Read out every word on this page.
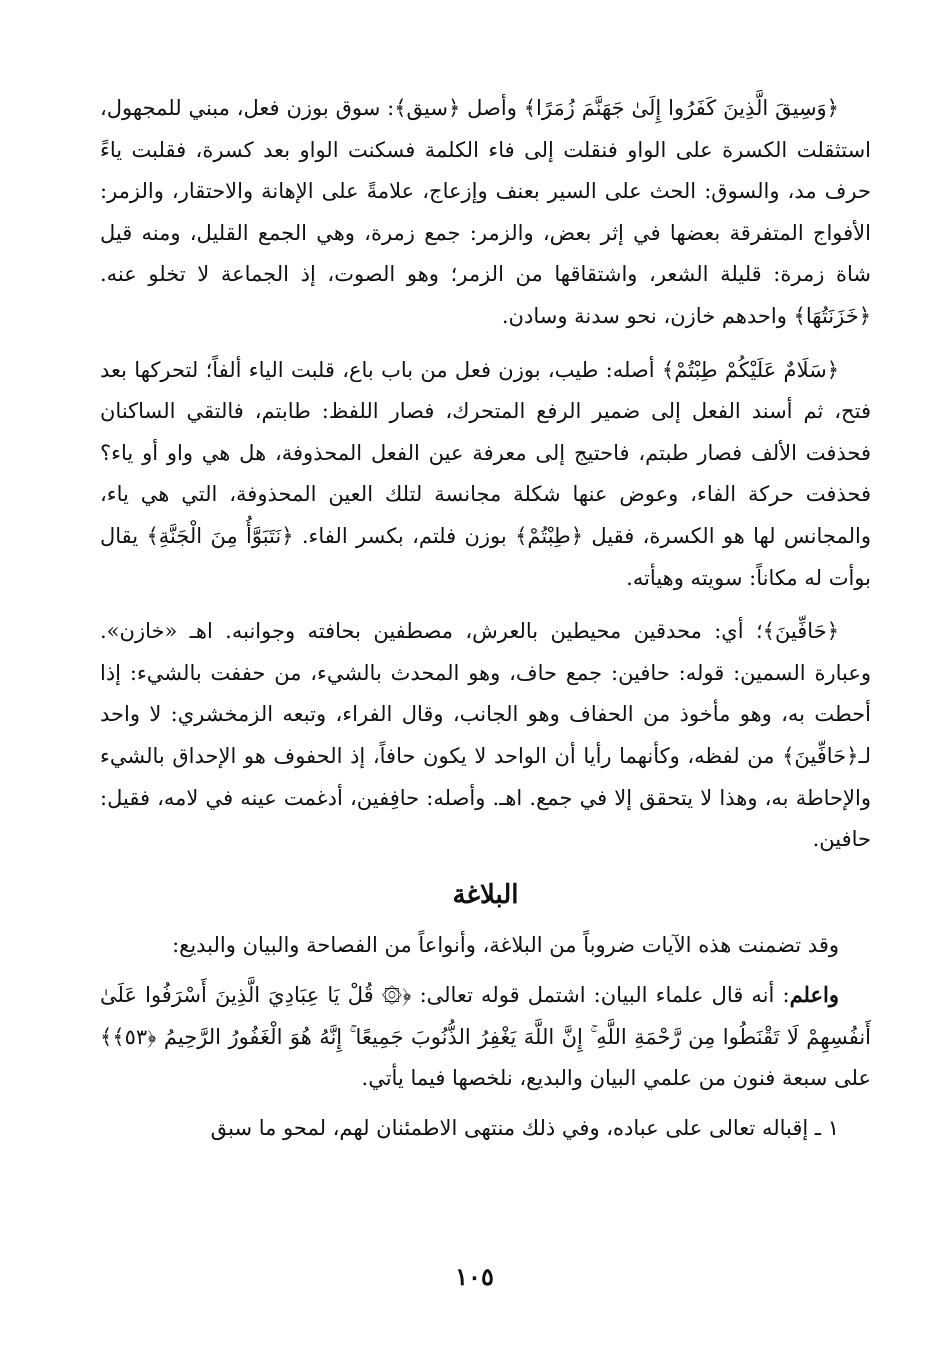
﴿وَسِيقَ الَّذِينَ كَفَرُوا إِلَىٰ جَهَنَّمَ زُمَرًا﴾ وأصل ﴿سيق﴾: سوق بوزن فعل، مبني للمجهول، استثقلت الكسرة على الواو فنقلت إلى فاء الكلمة فسكنت الواو بعد كسرة، فقلبت ياءً حرف مد، والسوق: الحث على السير بعنف وإزعاج، علامةً على الإهانة والاحتقار، والزمر: الأفواج المتفرقة بعضها في إثر بعض، والزمر: جمع زمرة، وهي الجمع القليل، ومنه قيل شاة زمرة: قليلة الشعر، واشتقاقها من الزمر؛ وهو الصوت، إذ الجماعة لا تخلو عنه. ﴿خَزَنَتُهَا﴾ واحدهم خازن، نحو سدنة وسادن.

﴿سَلَامٌ عَلَيْكُمْ طِبْتُمْ﴾ أصله: طيب، بوزن فعل من باب باع، قلبت الياء ألفاً؛ لتحركها بعد فتح، ثم أسند الفعل إلى ضمير الرفع المتحرك، فصار اللفظ: طابتم، فالتقي الساكنان فحذفت الألف فصار طبتم، فاحتيج إلى معرفة عين الفعل المحذوفة، هل هي واو أو ياء؟ فحذفت حركة الفاء، وعوض عنها شكلة مجانسة لتلك العين المحذوفة، التي هي ياء، والمجانس لها هو الكسرة، فقيل ﴿طِبْتُمْ﴾ بوزن فلتم، بكسر الفاء. ﴿نَتَبَوَّأُ مِنَ الْجَنَّةِ﴾ يقال بوأت له مكاناً: سويته وهيأته.

﴿حَافِّينَ﴾؛ أي: محدقين محيطين بالعرش، مصطفين بحافته وجوانبه. اهـ «خازن». وعبارة السمين: قوله: حافين: جمع حاف، وهو المحدث بالشيء، من حففت بالشيء: إذا أحطت به، وهو مأخوذ من الحفاف وهو الجانب، وقال الفراء، وتبعه الزمخشري: لا واحد لـ﴿حَافِّينَ﴾ من لفظه، وكأنهما رأيا أن الواحد لا يكون حافاً، إذ الحفوف هو الإحداق بالشيء والإحاطة به، وهذا لا يتحقق إلا في جمع. اهـ. وأصله: حافِفين، أدغمت عينه في لامه، فقيل: حافين.

البلاغة

وقد تضمنت هذه الآيات ضروباً من البلاغة، وأنواعاً من الفصاحة والبيان والبديع:

واعلم: أنه قال علماء البيان: اشتمل قوله تعالى: ﴿۞ قُلْ يَا عِبَادِيَ الَّذِينَ أَسْرَفُوا عَلَىٰ أَنفُسِهِمْ لَا تَقْنَطُوا مِن رَّحْمَةِ اللَّهِ ۚ إِنَّ اللَّهَ يَغْفِرُ الذُّنُوبَ جَمِيعًا ۚ إِنَّهُ هُوَ الْغَفُورُ الرَّحِيمُ ﴿٥٣﴾﴾ على سبعة فنون من علمي البيان والبديع، نلخصها فيما يأتي.

١ ـ إقباله تعالى على عباده، وفي ذلك منتهى الاطمئنان لهم، لمحو ما سبق

١٠٥
